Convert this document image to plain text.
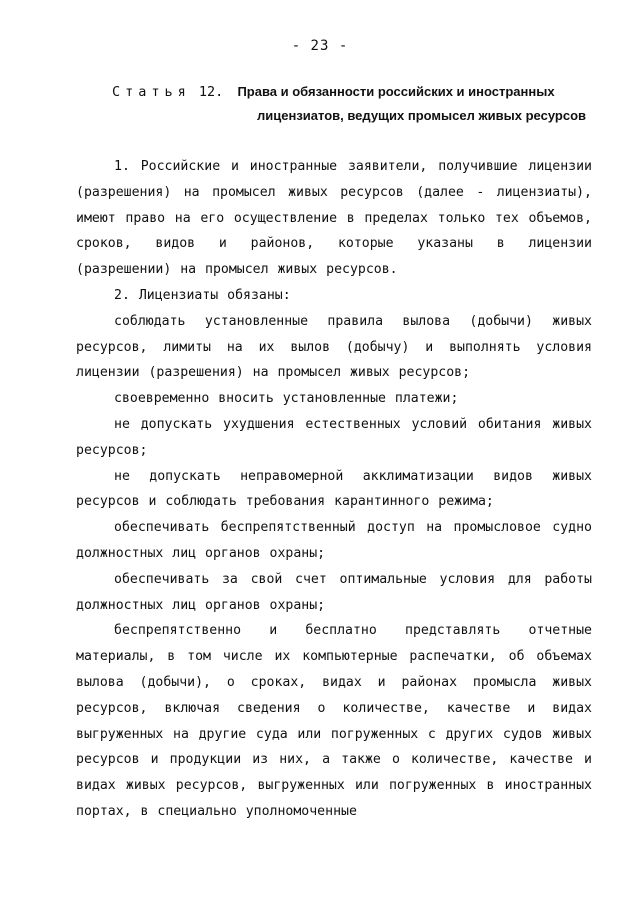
- 23 -
Статья 12. Права и обязанности российских и иностранных
лицензиатов, ведущих промысел живых ресурсов

1. Российские и иностранные заявители, получившие лицензии (разрешения) на промысел живых ресурсов (далее - лицензиаты), имеют право на его осуществление в пределах только тех объемов, сроков, видов и районов, которые указаны в лицензии (разрешении) на промысел живых ресурсов.

2. Лицензиаты обязаны:

соблюдать установленные правила вылова (добычи) живых ресурсов, лимиты на их вылов (добычу) и выполнять условия лицензии (разрешения) на промысел живых ресурсов;

своевременно вносить установленные платежи;

не допускать ухудшения естественных условий обитания живых ресурсов;

не допускать неправомерной акклиматизации видов живых ресурсов и соблюдать требования карантинного режима;

обеспечивать беспрепятственный доступ на промысловое судно должностных лиц органов охраны;

обеспечивать за свой счет оптимальные условия для работы должностных лиц органов охраны;

беспрепятственно и бесплатно представлять отчетные материалы, в том числе их компьютерные распечатки, об объемах вылова (добычи), о сроках, видах и районах промысла живых ресурсов, включая сведения о количестве, качестве и видах выгруженных на другие суда или погруженных с других судов живых ресурсов и продукции из них, а также о количестве, качестве и видах живых ресурсов, выгруженных или погруженных в иностранных портах, в специально уполномоченные
